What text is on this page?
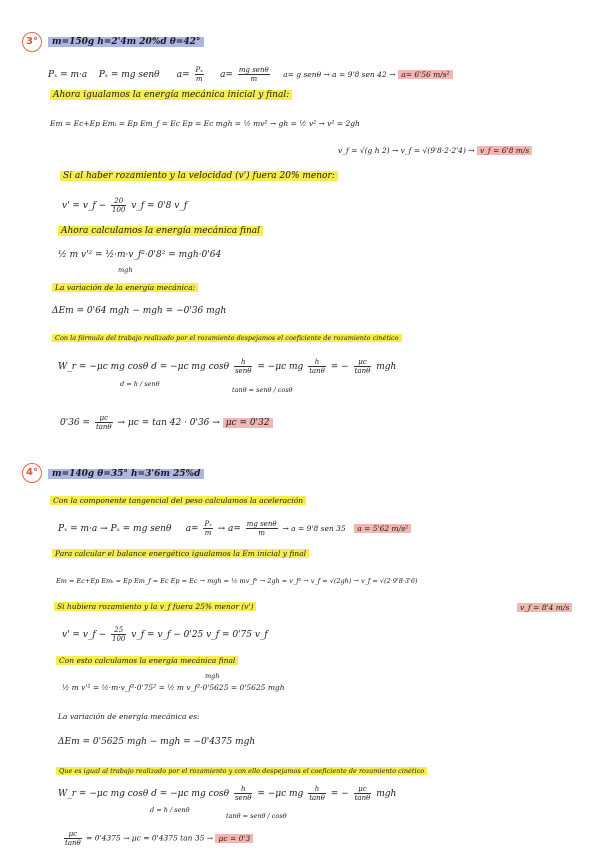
3°	m=150g h=2'4m 20%d θ=42°
Pₓ = m·a Pₓ = mg senθ $a= \frac{\text{Pₓ}}{m} a= \frac{\text{mg senθ}}{m} a= g$ senθ → a = 9'8 sen 42 → a= 6'56 m/s²
Ahora igualamos la energía mecánica inicial y final:
Em = Ec+Ep Emᵢ = Ep Em_f = Ec Ep = Ec mgh = ½ mv² → gh = ½ v² → v² = 2gh
v_f = √(g h 2) → v_f = √(9'8·2·2'4) → v_f = 6'8 m/s
Si al haber rozamiento y la velocidad (v') fuera 20% menor:
v' = v_f − $\frac{20}{100}$ v_f = 0'8 v_f
Ahora calculamos la energía mecánica final
½ m v'² = ½·m·v_f²·0'8² = mgh·0'64
mgh
La variación de la energía mecánica:
ΔEm = 0'64 mgh − mgh = −0'36 mgh
Con la fórmula del trabajo realizado por el rozamiento despejamos el coeficiente de rozamiento cinético
W_r = −μc mg cosθ d = −μc mg cosθ $\frac{h}{\text{senθ}} = -\mu c$ mg $\frac{h}{\tan\theta}$ = − $\frac{\mu c}{\tan\theta}$ mgh
d = h / senθ
tanθ = senθ / cosθ
$0'36 = \frac{\mu c}{\tan\theta} \to \mu c = \tan 42 \cdot 0'36 \to \mu c = 0'32$
4°	m=140g θ=35° h=3'6m 25%d
Con la componente tangencial del peso calculamos la aceleración
Pₓ = m·a → Pₓ = mg senθ $a= \frac{\text{Pₓ}}{m} \to a= \frac{\text{mg senθ}}{m} \to a = 9'8$ sen 35 a = 5'62 m/s²
Para calcular el balance energético igualamos la Em inicial y final
Em = Ec+Ep Emᵢ = Ep Em_f = Ec Ep = Ec → mgh = ½ mv_f² → 2gh = v_f² → v_f = √(2gh) → v_f = √(2·9'8·3'6)
Si hubiera rozamiento y la v_f fuera 25% menor (v')	v_f = 8'4 m/s
v' = v_f − $\frac{25}{100}$ v_f = v_f − 0'25 v_f = 0'75 v_f
Con esto calculamos la energía mecánica final
mgh
½ m v'² = ½·m·v_f²·0'75² = ½ m v_f²·0'5625 = 0'5625 mgh
La variación de energía mecánica es:
ΔEm = 0'5625 mgh − mgh = −0'4375 mgh
Que es igual al trabajo realizado por el rozamiento y con ello despejamos el coeficiente de rozamiento cinético
W_r = −μc mg cosθ d = −μc mg cosθ $\frac{h}{\text{senθ}} = -\mu c$ mg $\frac{h}{\tan\theta}$ = − $\frac{\mu c}{\tan\theta}$ mgh
d = h / senθ
tanθ = senθ / cosθ
$\frac{\mu c}{\tan\theta} = 0'4375 \to \mu c = 0'4375$ tan 35 → μc = 0'3
